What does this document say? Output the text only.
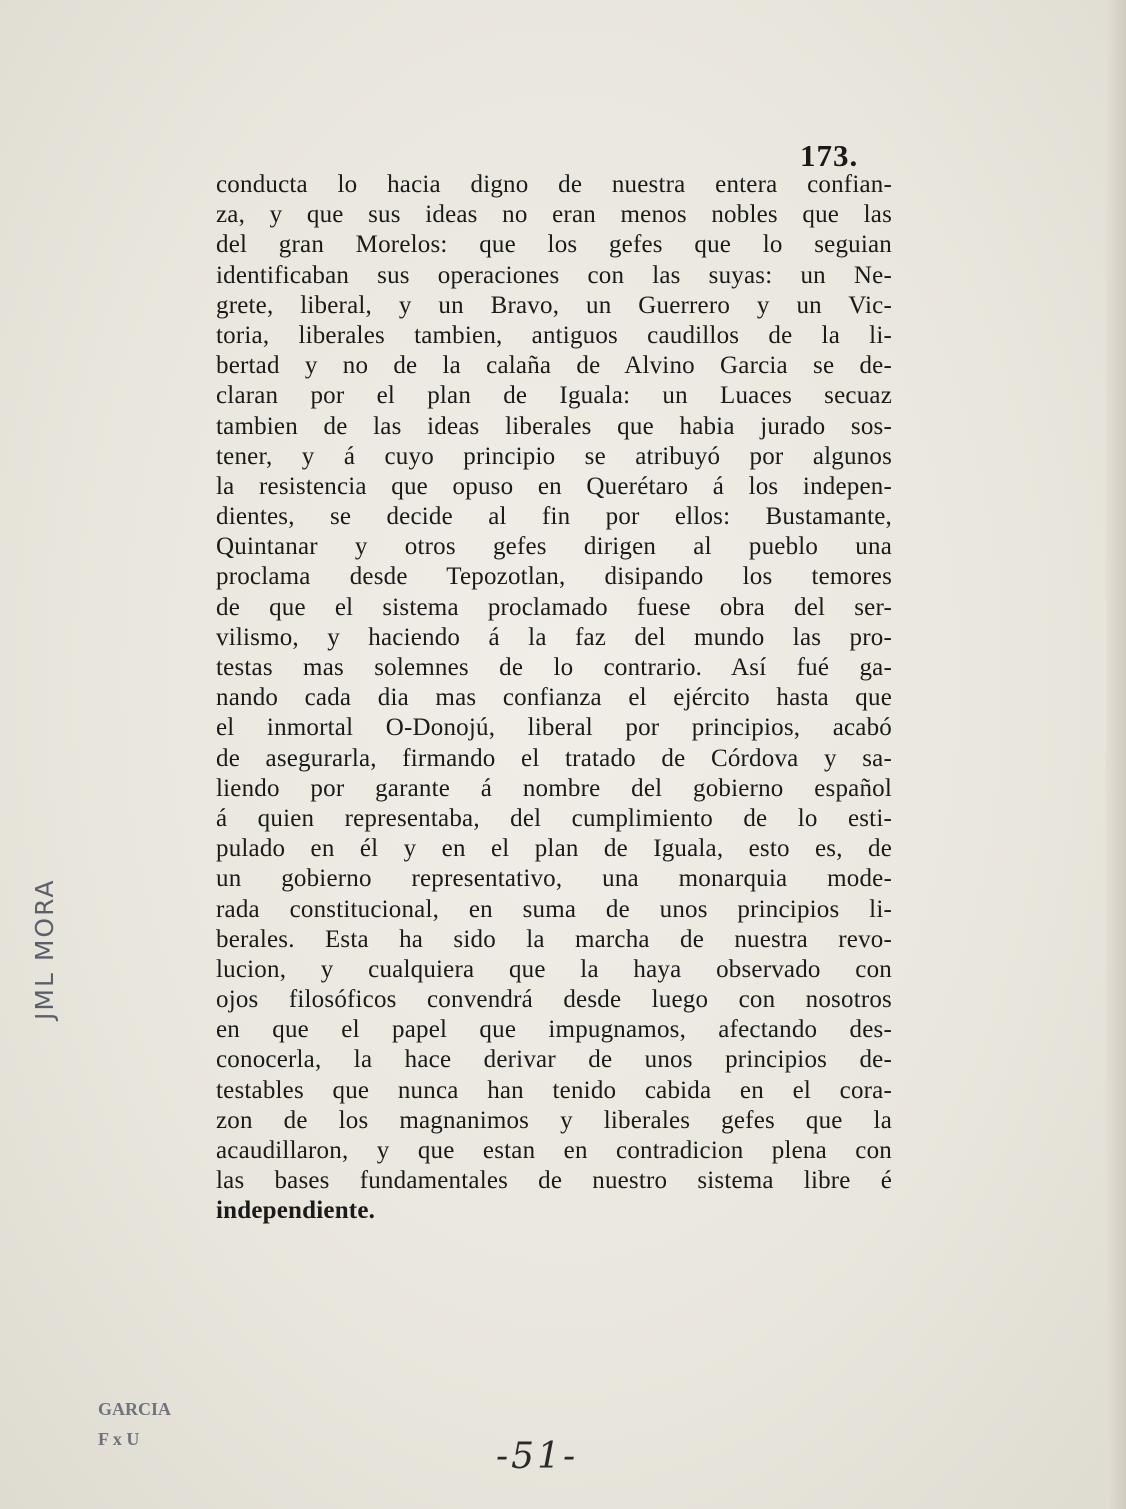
173.
conducta lo hacia digno de nuestra entera confian-
za, y que sus ideas no eran menos nobles que las
del gran Morelos: que los gefes que lo seguian
identificaban sus operaciones con las suyas: un Ne-
grete, liberal, y un Bravo, un Guerrero y un Vic-
toria, liberales tambien, antiguos caudillos de la li-
bertad y no de la calaña de Alvino Garcia se de-
claran por el plan de Iguala: un Luaces secuaz
tambien de las ideas liberales que habia jurado sos-
tener, y á cuyo principio se atribuyó por algunos
la resistencia que opuso en Querétaro á los indepen-
dientes, se decide al fin por ellos: Bustamante,
Quintanar y otros gefes dirigen al pueblo una
proclama desde Tepozotlan, disipando los temores
de que el sistema proclamado fuese obra del ser-
vilismo, y haciendo á la faz del mundo las pro-
testas mas solemnes de lo contrario. Así fué ga-
nando cada dia mas confianza el ejército hasta que
el inmortal O-Donojú, liberal por principios, acabó
de asegurarla, firmando el tratado de Córdova y sa-
liendo por garante á nombre del gobierno español
á quien representaba, del cumplimiento de lo esti-
pulado en él y en el plan de Iguala, esto es, de
un gobierno representativo, una monarquia mode-
rada constitucional, en suma de unos principios li-
berales. Esta ha sido la marcha de nuestra revo-
lucion, y cualquiera que la haya observado con
ojos filosóficos convendrá desde luego con nosotros
en que el papel que impugnamos, afectando des-
conocerla, la hace derivar de unos principios de-
testables que nunca han tenido cabida en el cora-
zon de los magnanimos y liberales gefes que la
acaudillaron, y que estan en contradicion plena con
las bases fundamentales de nuestro sistema libre é
independiente.
JML MORA
GARCIA
F x U	-51-
